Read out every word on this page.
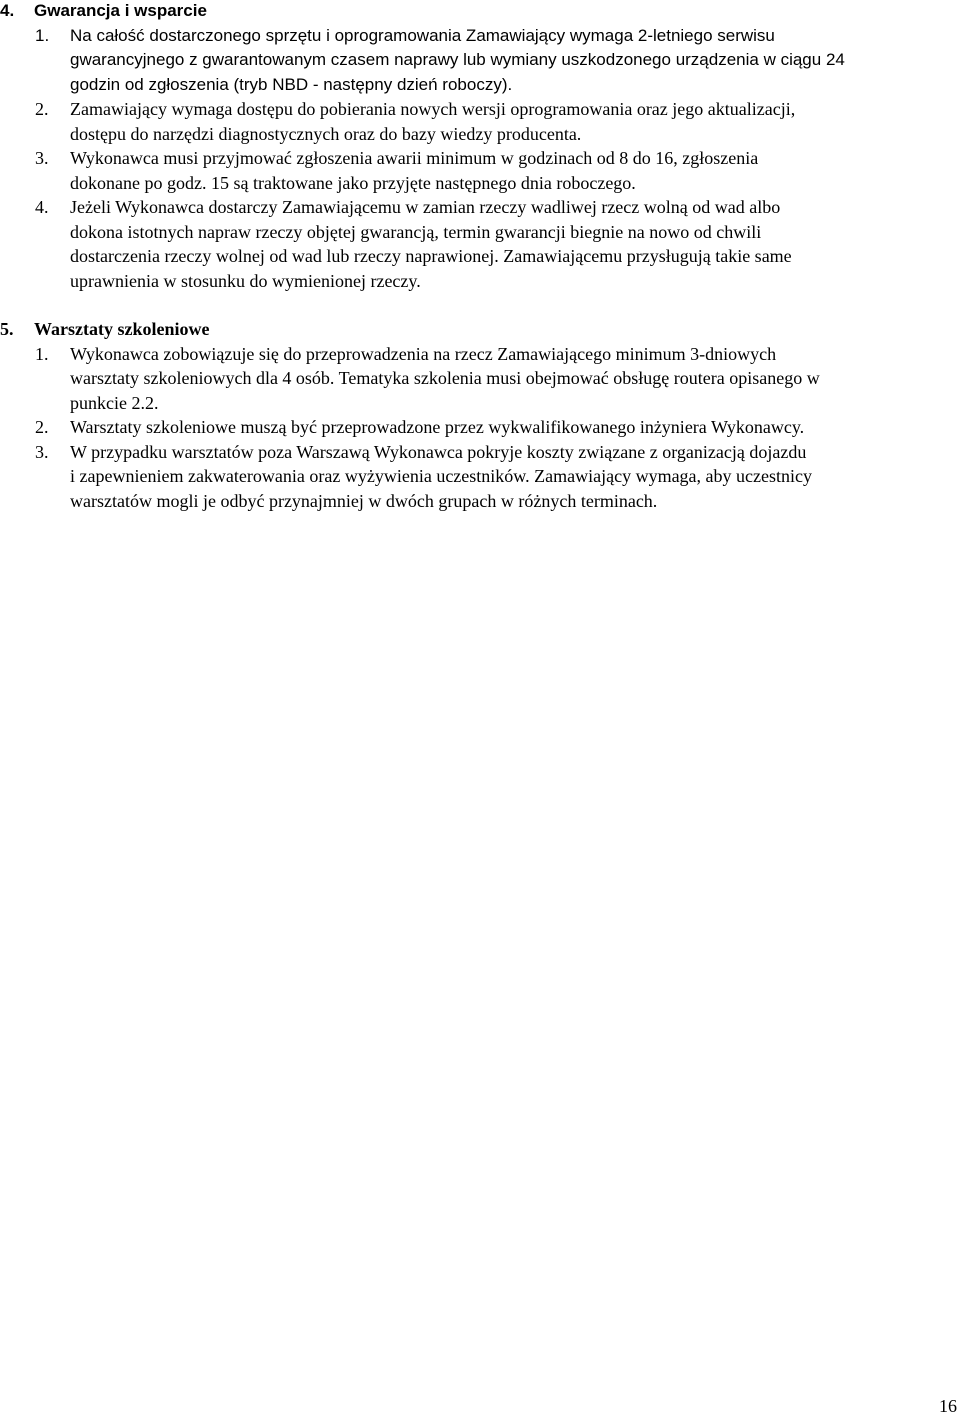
4. Gwarancja i wsparcie
1.	Na całość dostarczonego sprzętu i oprogramowania Zamawiający wymaga 2-letniego serwisu
gwarancyjnego z gwarantowanym czasem naprawy lub wymiany uszkodzonego urządzenia w ciągu 24
godzin od zgłoszenia (tryb NBD - następny dzień roboczy).
2.	Zamawiający wymaga dostępu do pobierania nowych wersji oprogramowania oraz jego aktualizacji,
dostępu do narzędzi diagnostycznych oraz do bazy wiedzy producenta.
3.	Wykonawca musi przyjmować zgłoszenia awarii minimum w godzinach od 8 do 16, zgłoszenia
dokonane po godz. 15 są traktowane jako przyjęte następnego dnia roboczego.
4.	Jeżeli Wykonawca dostarczy Zamawiającemu w zamian rzeczy wadliwej rzecz wolną od wad albo
dokona istotnych napraw rzeczy objętej gwarancją, termin gwarancji biegnie na nowo od chwili
dostarczenia rzeczy wolnej od wad lub rzeczy naprawionej. Zamawiającemu przysługują takie same
uprawnienia w stosunku do wymienionej rzeczy.
5. Warsztaty szkoleniowe
1.	Wykonawca zobowiązuje się do przeprowadzenia na rzecz Zamawiającego minimum 3-dniowych
warsztaty szkoleniowych dla 4 osób. Tematyka szkolenia musi obejmować obsługę routera opisanego w
punkcie 2.2.
2.	Warsztaty szkoleniowe muszą być przeprowadzone przez wykwalifikowanego inżyniera Wykonawcy.
3.	W przypadku warsztatów poza Warszawą Wykonawca pokryje koszty związane z organizacją dojazdu
i zapewnieniem zakwaterowania oraz wyżywienia uczestników. Zamawiający wymaga, aby uczestnicy
warsztatów mogli je odbyć przynajmniej w dwóch grupach w różnych terminach.
16
